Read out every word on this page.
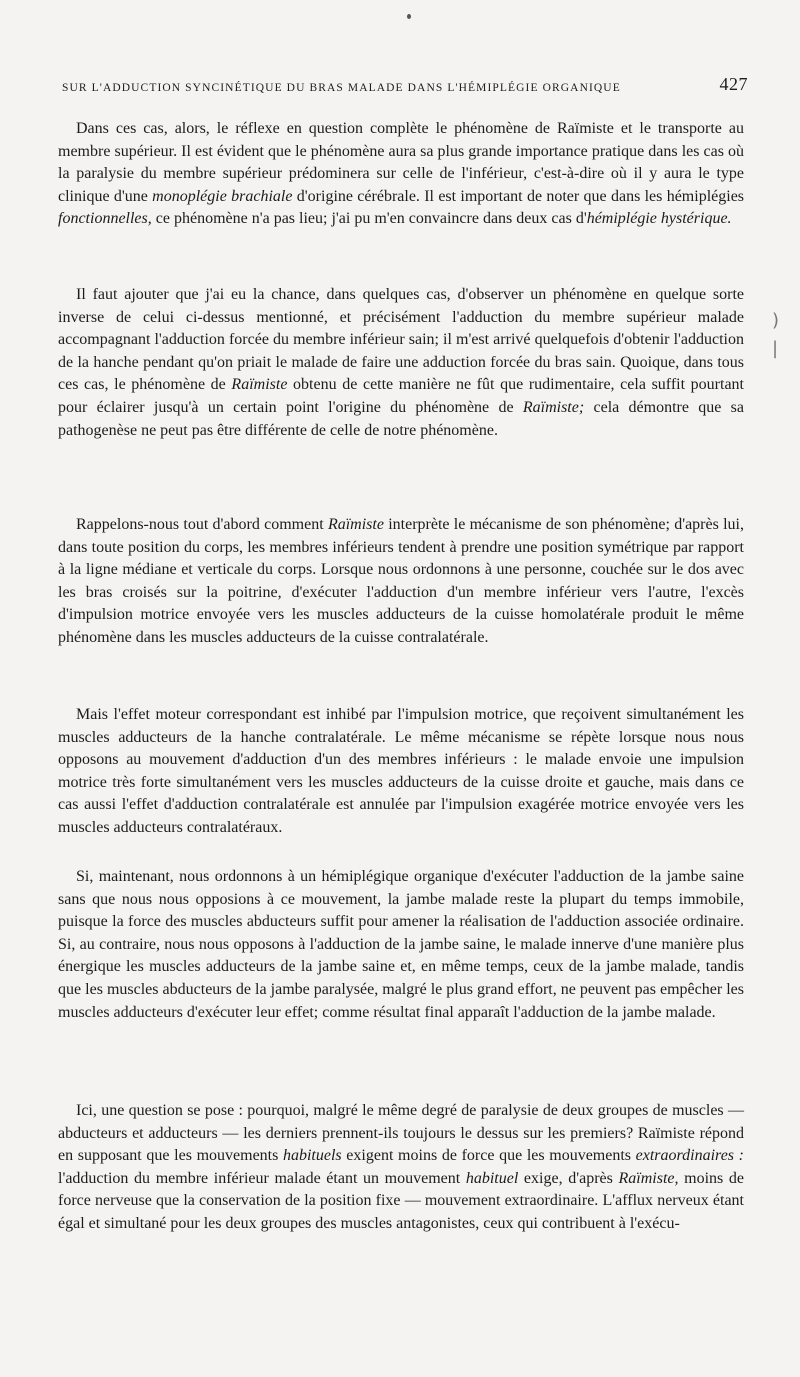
SUR L'ADDUCTION SYNCINÉTIQUE DU BRAS MALADE DANS L'HÉMIPLÉGIE ORGANIQUE	427

Dans ces cas, alors, le réflexe en question complète le phénomène de Raïmiste et le transporte au membre supérieur. Il est évident que le phénomène aura sa plus grande importance pratique dans les cas où la paralysie du membre supérieur prédominera sur celle de l'inférieur, c'est-à-dire où il y aura le type clinique d'une monoplégie brachiale d'origine cérébrale. Il est important de noter que dans les hémiplégies fonctionnelles, ce phénomène n'a pas lieu; j'ai pu m'en convaincre dans deux cas d'hémiplégie hystérique.

Il faut ajouter que j'ai eu la chance, dans quelques cas, d'observer un phénomène en quelque sorte inverse de celui ci-dessus mentionné, et précisément l'adduction du membre supérieur malade accompagnant l'adduction forcée du membre inférieur sain; il m'est arrivé quelquefois d'obtenir l'adduction de la hanche pendant qu'on priait le malade de faire une adduction forcée du bras sain. Quoique, dans tous ces cas, le phénomène de Raïmiste obtenu de cette manière ne fût que rudimentaire, cela suffit pourtant pour éclairer jusqu'à un certain point l'origine du phénomène de Raïmiste; cela démontre que sa pathogenèse ne peut pas être différente de celle de notre phénomène.

Rappelons-nous tout d'abord comment Raïmiste interprète le mécanisme de son phénomène; d'après lui, dans toute position du corps, les membres inférieurs tendent à prendre une position symétrique par rapport à la ligne médiane et verticale du corps. Lorsque nous ordonnons à une personne, couchée sur le dos avec les bras croisés sur la poitrine, d'exécuter l'adduction d'un membre inférieur vers l'autre, l'excès d'impulsion motrice envoyée vers les muscles adducteurs de la cuisse homolatérale produit le même phénomène dans les muscles adducteurs de la cuisse contralatérale.

Mais l'effet moteur correspondant est inhibé par l'impulsion motrice, que reçoivent simultanément les muscles adducteurs de la hanche contralatérale. Le même mécanisme se répète lorsque nous nous opposons au mouvement d'adduction d'un des membres inférieurs : le malade envoie une impulsion motrice très forte simultanément vers les muscles adducteurs de la cuisse droite et gauche, mais dans ce cas aussi l'effet d'adduction contralatérale est annulée par l'impulsion exagérée motrice envoyée vers les muscles adducteurs contralatéraux.

Si, maintenant, nous ordonnons à un hémiplégique organique d'exécuter l'adduction de la jambe saine sans que nous nous opposions à ce mouvement, la jambe malade reste la plupart du temps immobile, puisque la force des muscles abducteurs suffit pour amener la réalisation de l'adduction associée ordinaire. Si, au contraire, nous nous opposons à l'adduction de la jambe saine, le malade innerve d'une manière plus énergique les muscles adducteurs de la jambe saine et, en même temps, ceux de la jambe malade, tandis que les muscles abducteurs de la jambe paralysée, malgré le plus grand effort, ne peuvent pas empêcher les muscles adducteurs d'exécuter leur effet; comme résultat final apparaît l'adduction de la jambe malade.

Ici, une question se pose : pourquoi, malgré le même degré de paralysie de deux groupes de muscles — abducteurs et adducteurs — les derniers prennent-ils toujours le dessus sur les premiers? Raïmiste répond en supposant que les mouvements habituels exigent moins de force que les mouvements extraordinaires : l'adduction du membre inférieur malade étant un mouvement habituel exige, d'après Raïmiste, moins de force nerveuse que la conservation de la position fixe — mouvement extraordinaire. L'afflux nerveux étant égal et simultané pour les deux groupes des muscles antagonistes, ceux qui contribuent à l'exécu-

)
|
